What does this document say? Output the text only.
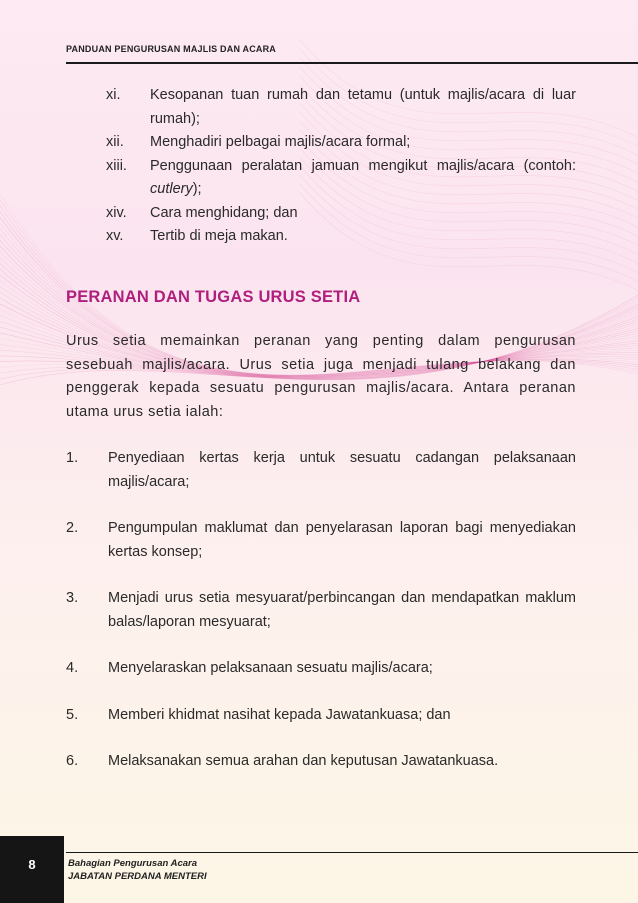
PANDUAN PENGURUSAN MAJLIS DAN ACARA
xi.	Kesopanan tuan rumah dan tetamu (untuk majlis/acara di luar rumah);
xii.	Menghadiri pelbagai majlis/acara formal;
xiii.	Penggunaan peralatan jamuan mengikut majlis/acara (contoh: cutlery);
xiv.	Cara menghidang; dan
xv.	Tertib di meja makan.
PERANAN DAN TUGAS URUS SETIA

Urus setia memainkan peranan yang penting dalam pengurusan sesebuah majlis/acara. Urus setia juga menjadi tulang belakang dan penggerak kepada sesuatu pengurusan majlis/acara. Antara peranan utama urus setia ialah:

1.	Penyediaan kertas kerja untuk sesuatu cadangan pelaksanaan majlis/acara;
2.	Pengumpulan maklumat dan penyelarasan laporan bagi menyediakan kertas konsep;
3.	Menjadi urus setia mesyuarat/perbincangan dan mendapatkan maklum balas/laporan mesyuarat;
4.	Menyelaraskan pelaksanaan sesuatu majlis/acara;
5.	Memberi khidmat nasihat kepada Jawatankuasa; dan
6.	Melaksanakan semua arahan dan keputusan Jawatankuasa.
8	Bahagian Pengurusan Acara
JABATAN PERDANA MENTERI
